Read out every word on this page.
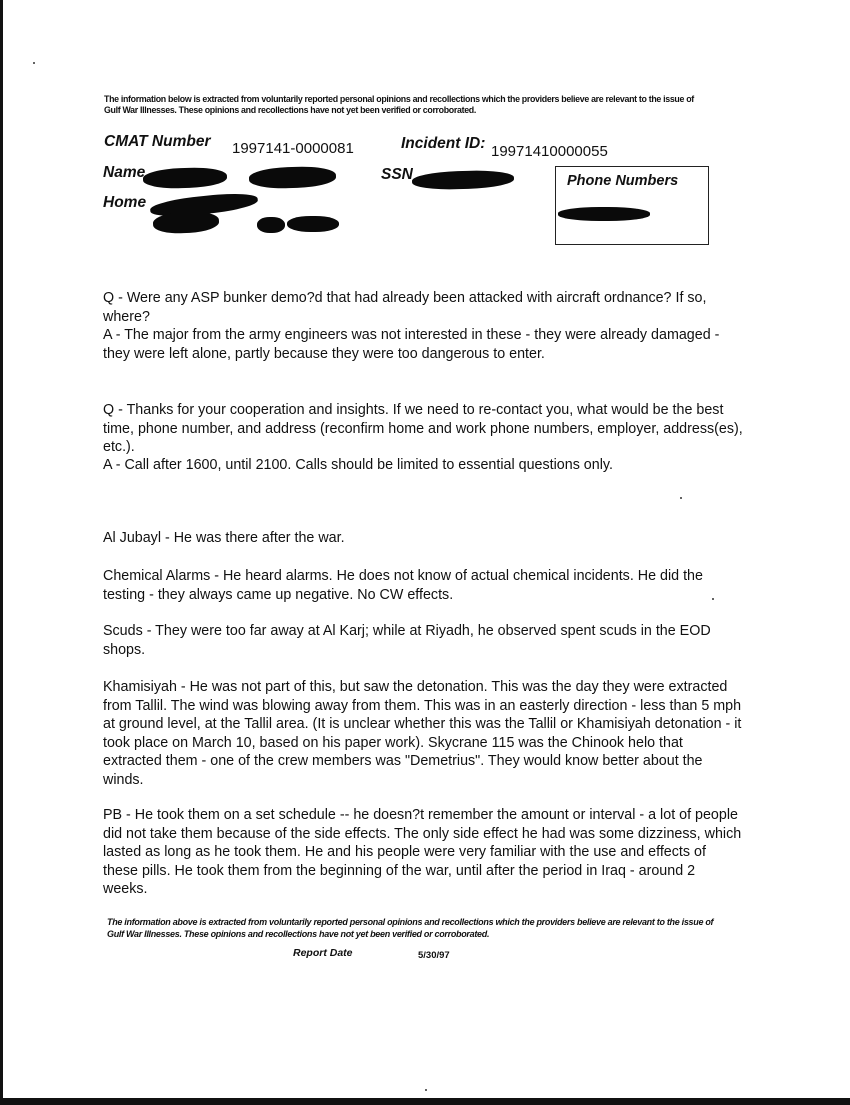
The information below is extracted from voluntarily reported personal opinions and recollections which the providers believe are relevant to the issue of Gulf War Illnesses. These opinions and recollections have not yet been verified or corroborated.
CMAT Number 1997141-0000081	Incident ID: 19971410000055
Name	SSN
Home
Phone Numbers
Q - Were any ASP bunker demo?d that had already been attacked with aircraft ordnance? If so, where?
A - The major from the army engineers was not interested in these - they were already damaged - they were left alone, partly because they were too dangerous to enter.
Q - Thanks for your cooperation and insights. If we need to re-contact you, what would be the best time, phone number, and address (reconfirm home and work phone numbers, employer, address(es), etc.).
A - Call after 1600, until 2100. Calls should be limited to essential questions only.
Al Jubayl - He was there after the war.
Chemical Alarms - He heard alarms. He does not know of actual chemical incidents. He did the testing - they always came up negative. No CW effects.
Scuds - They were too far away at Al Karj; while at Riyadh, he observed spent scuds in the EOD shops.
Khamisiyah - He was not part of this, but saw the detonation. This was the day they were extracted from Tallil. The wind was blowing away from them. This was in an easterly direction - less than 5 mph at ground level, at the Tallil area. (It is unclear whether this was the Tallil or Khamisiyah detonation - it took place on March 10, based on his paper work). Skycrane 115 was the Chinook helo that extracted them - one of the crew members was "Demetrius". They would know better about the winds.
PB - He took them on a set schedule -- he doesn?t remember the amount or interval - a lot of people did not take them because of the side effects. The only side effect he had was some dizziness, which lasted as long as he took them. He and his people were very familiar with the use and effects of these pills. He took them from the beginning of the war, until after the period in Iraq - around 2 weeks.
The information above is extracted from voluntarily reported personal opinions and recollections which the providers believe are relevant to the issue of Gulf War Illnesses. These opinions and recollections have not yet been verified or corroborated.
Report Date	5/30/97
